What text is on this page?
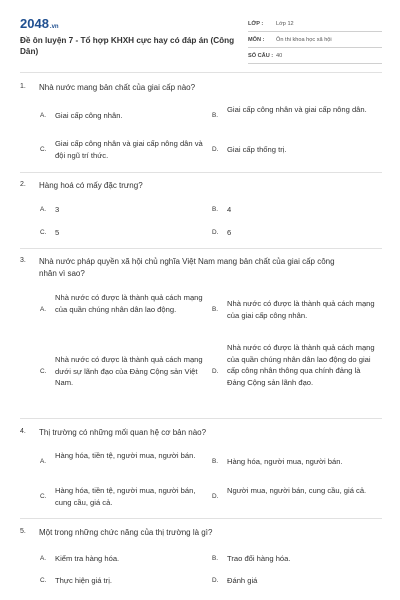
2048.vn
Đề ôn luyện 7 - Tổ hợp KHXH cực hay có đáp án (Công Dân)
LỚP : Lớp 12
MÔN : Ôn thi khoa học xã hội
SỐ CÂU : 40
1. Nhà nước mang bản chất của giai cấp nào?
A. Giai cấp công nhân.	B.
Giai cấp công nhân và giai cấp nông dân.
C.
Giai cấp công nhân và giai cấp nông dân và đội ngũ trí thức.
D. Giai cấp thống trị.
2. Hàng hoá có mấy đặc trưng?
A. 3	B. 4
C. 5	D. 6
3. Nhà nước pháp quyền xã hội chủ nghĩa Việt Nam mang bản chất của giai cấp công nhân vì sao?
A.
Nhà nước có được là thành quả cách mạng của quần chúng nhân dân lao động.	B.
Nhà nước có được là thành quả cách mạng của giai cấp công nhân.
C.
Nhà nước có được là thành quả cách mạng dưới sự lãnh đạo của Đảng Cộng sản Việt Nam.
D.
Nhà nước có được là thành quả cách mạng của quần chúng nhân dân lao động do giai cấp công nhân thông qua chính đảng là Đảng Cộng sản lãnh đạo.
4. Thị trường có những mối quan hệ cơ bản nào?
A.
Hàng hóa, tiền tệ, người mua, người bán.
B. Hàng hóa, người mua, người bán.
C.
Hàng hóa, tiền tệ, người mua, người bán, cung cầu, giá cả.
D.
Người mua, người bán, cung cầu, giá cả.
5. Một trong những chức năng của thị trường là gì?
A. Kiểm tra hàng hóa.	B. Trao đổi hàng hóa.
C. Thực hiện giá trị.	D. Đánh giá
